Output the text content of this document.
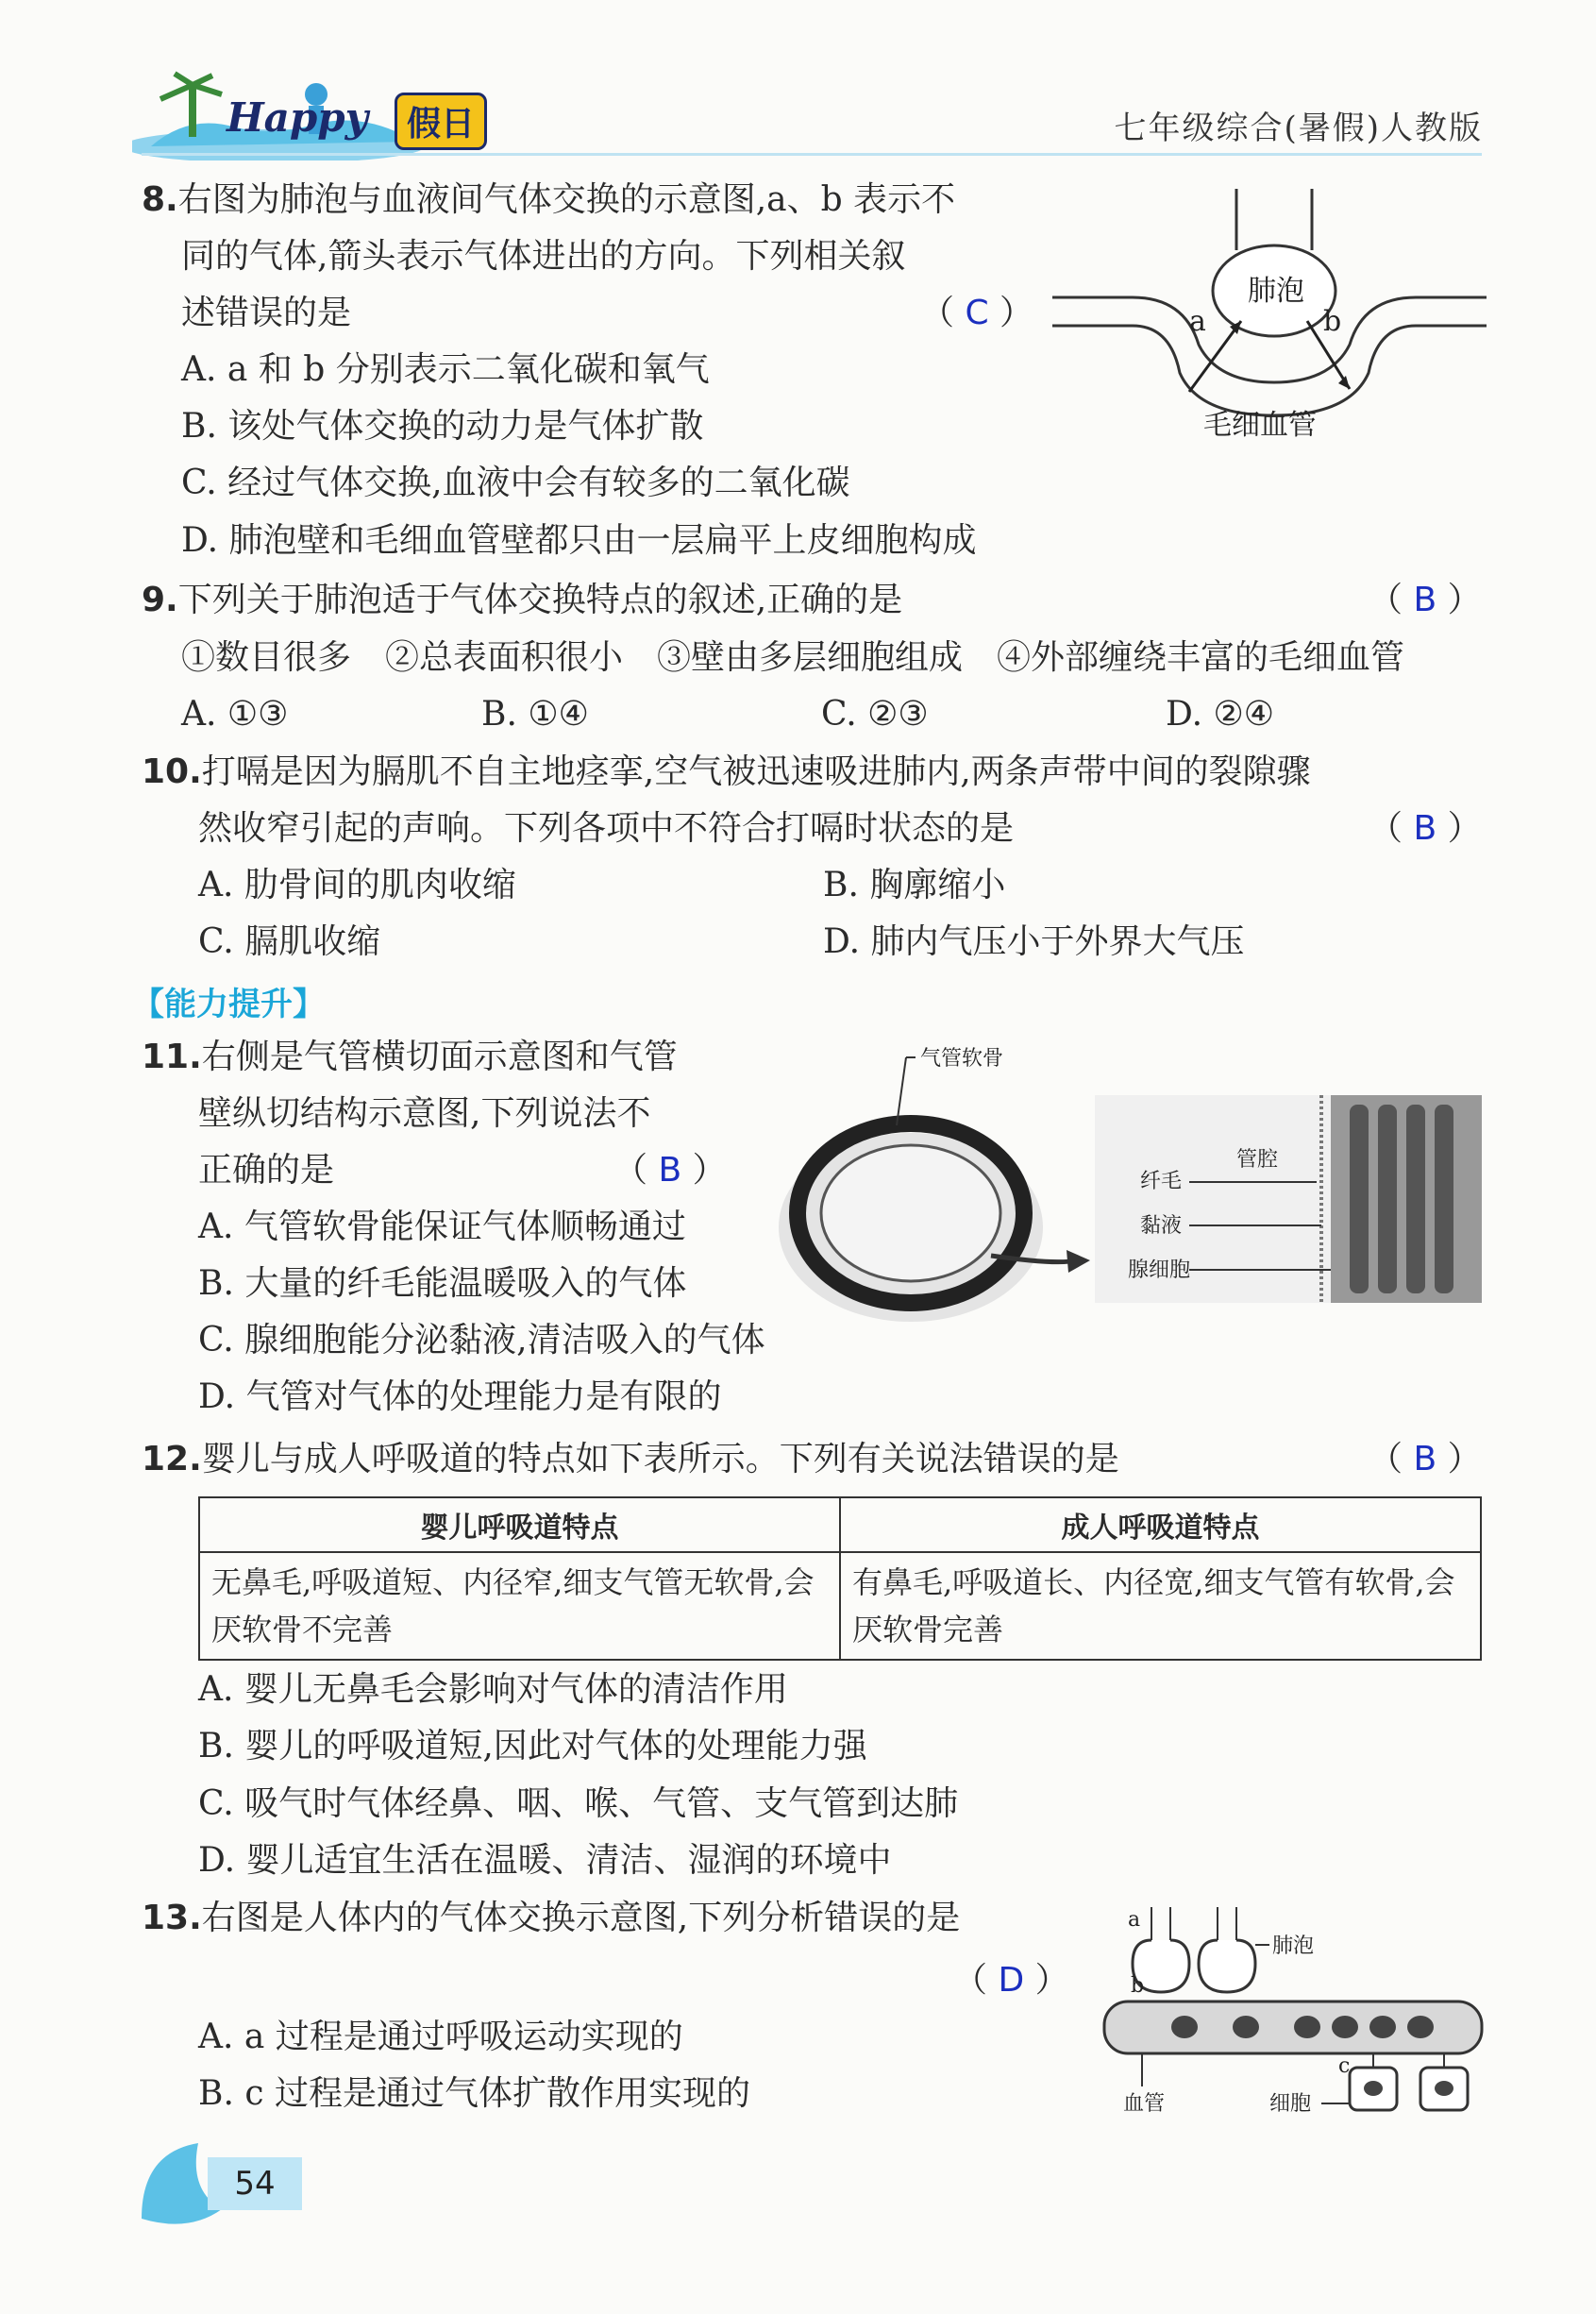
Happy	假日	七年级综合(暑假)人教版
8.右图为肺泡与血液间气体交换的示意图,a、b 表示不
同的气体,箭头表示气体进出的方向。下列相关叙
述错误的是	（ C ）
A. a 和 b 分别表示二氧化碳和氧气
B. 该处气体交换的动力是气体扩散
C. 经过气体交换,血液中会有较多的二氧化碳
D. 肺泡壁和毛细血管壁都只由一层扁平上皮细胞构成
肺泡
a	b
毛细血管
9.下列关于肺泡适于气体交换特点的叙述,正确的是	（ B ）
①数目很多　②总表面积很小　③壁由多层细胞组成　④外部缠绕丰富的毛细血管
A. ①③	B. ①④	C. ②③	D. ②④
10.打嗝是因为膈肌不自主地痉挛,空气被迅速吸进肺内,两条声带中间的裂隙骤
然收窄引起的声响。下列各项中不符合打嗝时状态的是	（ B ）
A. 肋骨间的肌肉收缩	B. 胸廓缩小
C. 膈肌收缩	D. 肺内气压小于外界大气压
【能力提升】
11.右侧是气管横切面示意图和气管
壁纵切结构示意图,下列说法不
正确的是	（ B ）
A. 气管软骨能保证气体顺畅通过
B. 大量的纤毛能温暖吸入的气体
C. 腺细胞能分泌黏液,清洁吸入的气体
D. 气管对气体的处理能力是有限的
气管软骨
管腔
纤毛
黏液
腺细胞
12.婴儿与成人呼吸道的特点如下表所示。下列有关说法错误的是	（ B ）
婴儿呼吸道特点	成人呼吸道特点
无鼻毛,呼吸道短、内径窄,细支气管无软骨,会厌软骨不完善	有鼻毛,呼吸道长、内径宽,细支气管有软骨,会厌软骨完善
A. 婴儿无鼻毛会影响对气体的清洁作用
B. 婴儿的呼吸道短,因此对气体的处理能力强
C. 吸气时气体经鼻、咽、喉、气管、支气管到达肺
D. 婴儿适宜生活在温暖、清洁、湿润的环境中
13.右图是人体内的气体交换示意图,下列分析错误的是
（ D ）
A. a 过程是通过呼吸运动实现的
B. c 过程是通过气体扩散作用实现的
a
b
c
肺泡
血管	细胞
54
